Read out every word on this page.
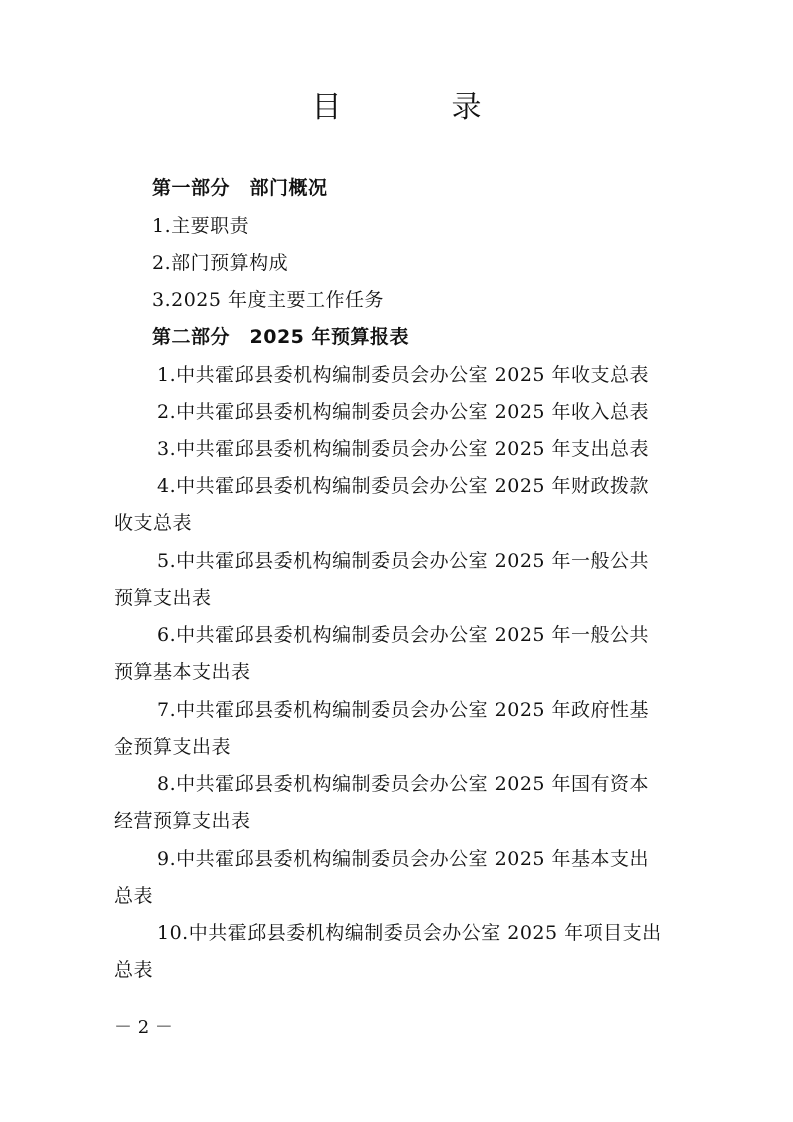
目　录
第一部分　部门概况
1.主要职责
2.部门预算构成
3.2025 年度主要工作任务
第二部分　2025 年预算报表
1.中共霍邱县委机构编制委员会办公室 2025 年收支总表
2.中共霍邱县委机构编制委员会办公室 2025 年收入总表
3.中共霍邱县委机构编制委员会办公室 2025 年支出总表
4.中共霍邱县委机构编制委员会办公室 2025 年财政拨款
收支总表
5.中共霍邱县委机构编制委员会办公室 2025 年一般公共
预算支出表
6.中共霍邱县委机构编制委员会办公室 2025 年一般公共
预算基本支出表
7.中共霍邱县委机构编制委员会办公室 2025 年政府性基
金预算支出表
8.中共霍邱县委机构编制委员会办公室 2025 年国有资本
经营预算支出表
9.中共霍邱县委机构编制委员会办公室 2025 年基本支出
总表
10.中共霍邱县委机构编制委员会办公室 2025 年项目支出
总表
－ 2 －
